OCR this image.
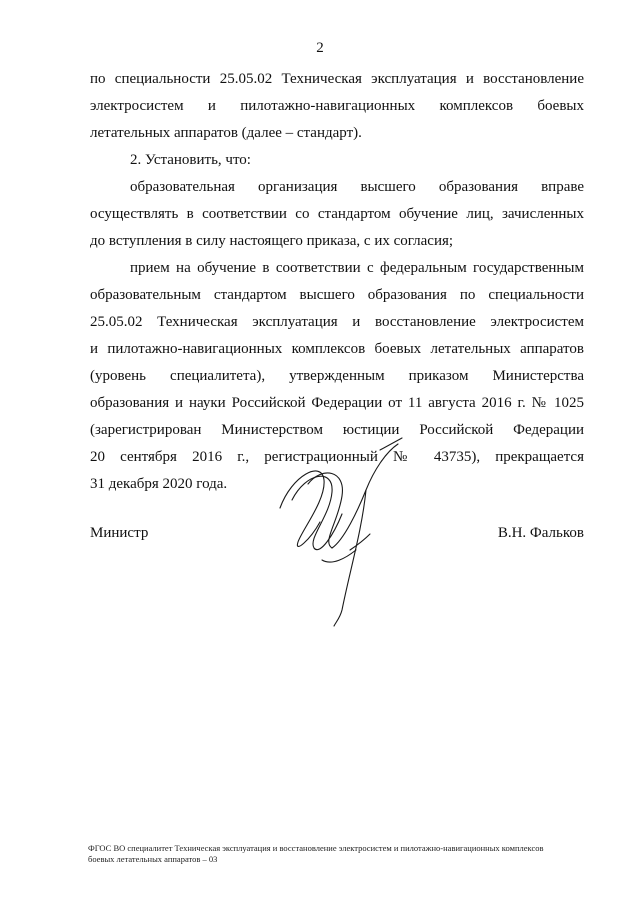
2
по специальности 25.05.02 Техническая эксплуатация и восстановление
электросистем и пилотажно-навигационных комплексов боевых
летательных аппаратов (далее – стандарт).
2. Установить, что:
образовательная организация высшего образования вправе
осуществлять в соответствии со стандартом обучение лиц, зачисленных
до вступления в силу настоящего приказа, с их согласия;
прием на обучение в соответствии с федеральным государственным
образовательным стандартом высшего образования по специальности
25.05.02 Техническая эксплуатация и восстановление электросистем
и пилотажно-навигационных комплексов боевых летательных аппаратов
(уровень специалитета), утвержденным приказом Министерства
образования и науки Российской Федерации от 11 августа 2016 г. № 1025
(зарегистрирован Министерством юстиции Российской Федерации
20 сентября 2016 г., регистрационный № 43735), прекращается
31 декабря 2020 года.
Министр	В.Н. Фальков
ФГОС ВО специалитет Техническая эксплуатация и восстановление электросистем и пилотажно-навигационных комплексов
боевых летательных аппаратов – 03
